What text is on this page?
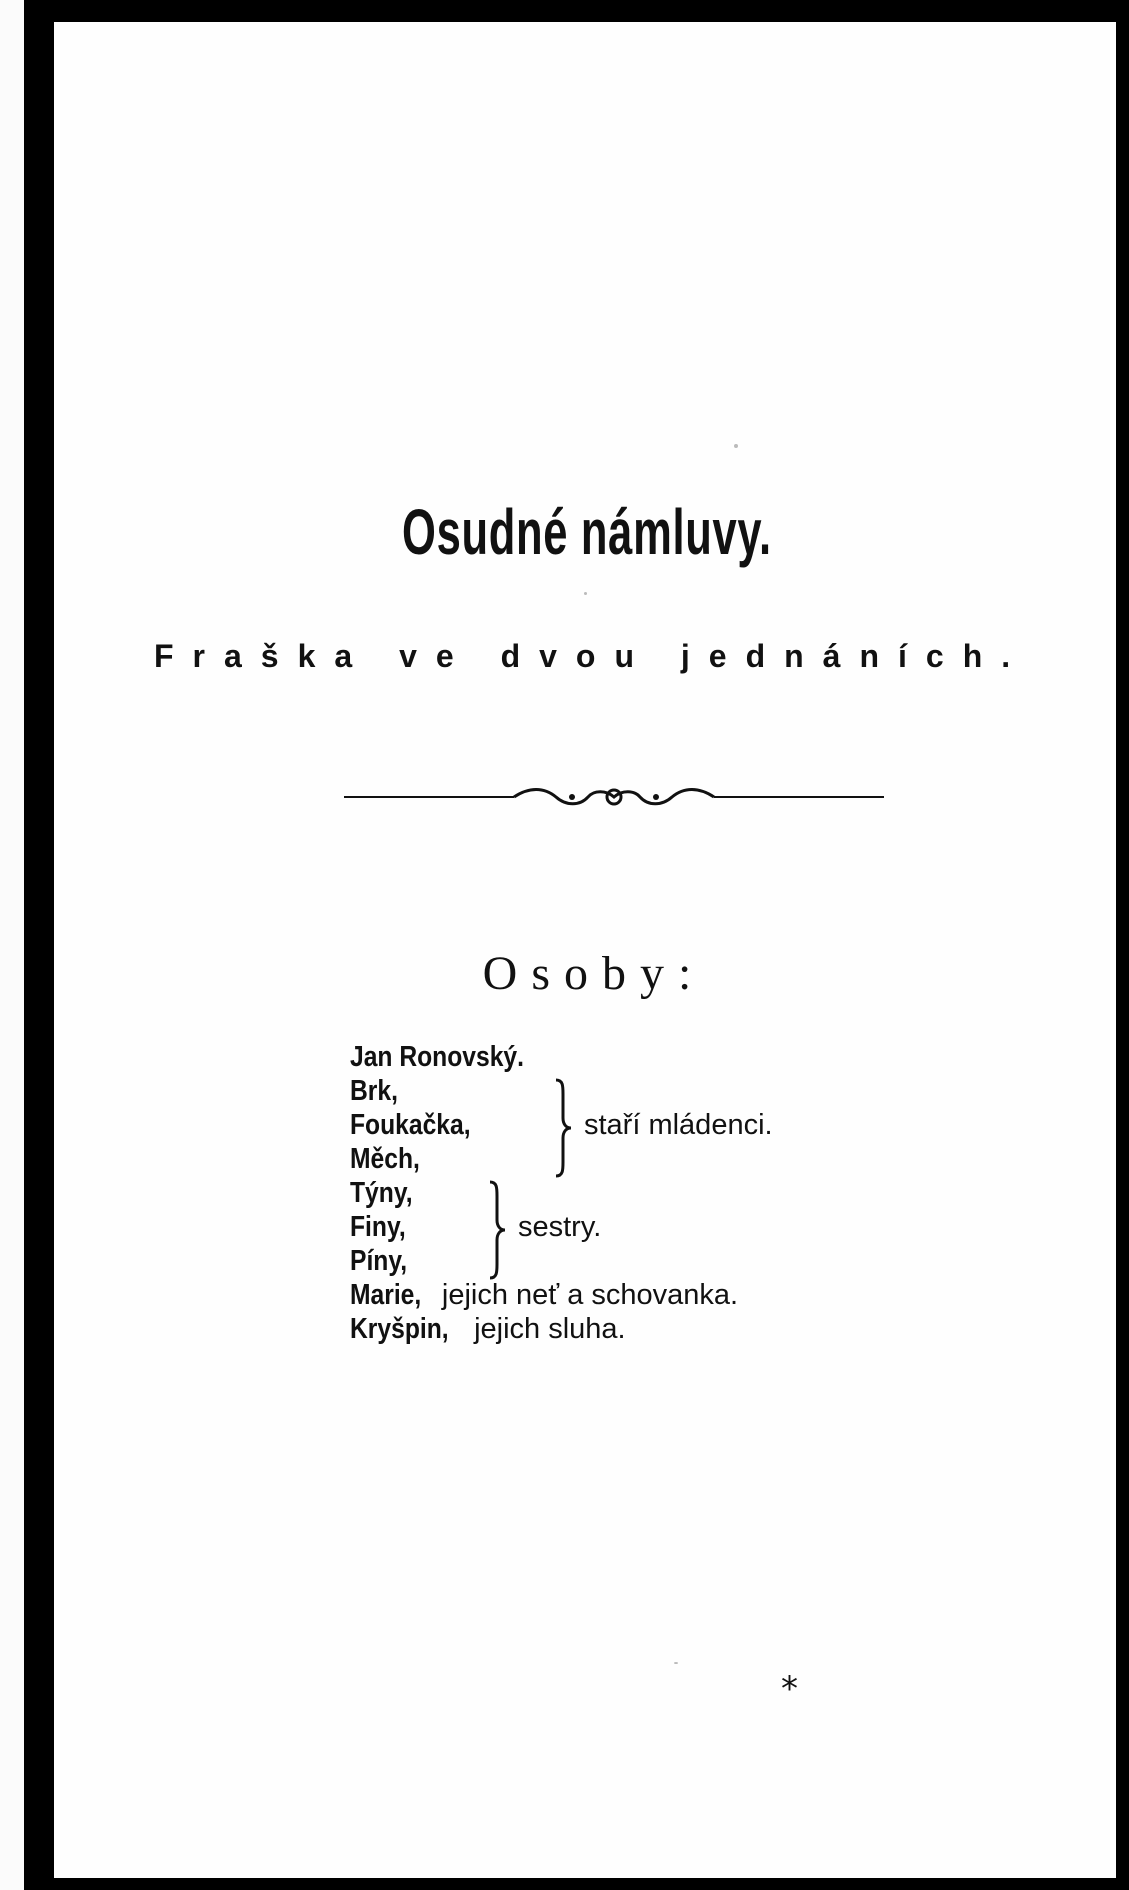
Osudné námluvy.
Fraška ve dvou jednáních.
Osoby:
Jan Ronovský.
Brk,
Foukačka,
Měch,
staří mládenci.
Týny,
Finy,
Píny,
sestry.
Marie, jejich neť a schovanka.
Kryšpin, jejich sluha.
*
